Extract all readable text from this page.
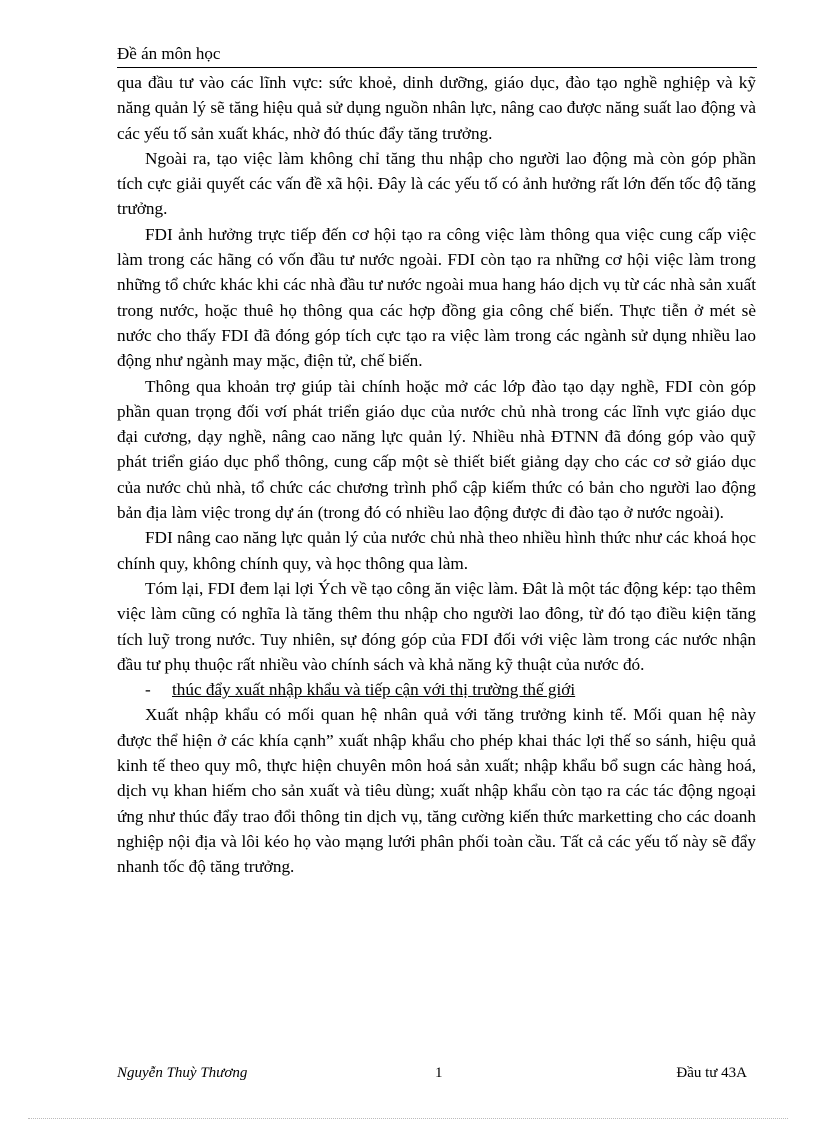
Đề án môn học

qua đầu tư vào các lĩnh vực: sức khoẻ, dinh dưỡng, giáo dục, đào tạo nghề nghiệp và kỹ năng quản lý sẽ tăng hiệu quả sử dụng nguồn nhân lực, nâng cao được năng suất lao động và các yếu tố sản xuất khác, nhờ đó thúc đẩy tăng trưởng.

Ngoài ra, tạo việc làm không chỉ tăng thu nhập cho người lao động mà còn góp phần tích cực giải quyết các vấn đề xã hội. Đây là các yếu tố có ảnh hưởng rất lớn đến tốc độ tăng trưởng.

FDI ảnh hưởng trực tiếp đến cơ hội tạo ra công việc làm thông qua việc cung cấp việc làm trong các hãng có vốn đầu tư nước ngoài. FDI còn tạo ra những cơ hội việc làm trong những tổ chức khác khi các nhà đầu tư nước ngoài mua hang háo dịch vụ từ các nhà sản xuất trong nước, hoặc thuê họ thông qua các hợp đồng gia công chế biến. Thực tiễn ở mét sè nước cho thấy FDI đã đóng góp tích cực tạo ra việc làm trong các ngành sử dụng nhiều lao động như ngành may mặc, điện tử, chế biến.

Thông qua khoản trợ giúp tài chính hoặc mở các lớp đào tạo dạy nghề, FDI còn góp phần quan trọng đối vơí phát triển giáo dục của nước chủ nhà trong các lĩnh vực giáo dục đại cương, dạy nghề, nâng cao năng lực quản lý. Nhiều nhà ĐTNN đã đóng góp vào quỹ phát triển giáo dục phổ thông, cung cấp một sè thiết biết giảng dạy cho các cơ sở giáo dục của nước chủ nhà, tổ chức các chương trình phổ cập kiếm thức có bản cho người lao động bản địa làm việc trong dự án (trong đó có nhiều lao động được đi đào tạo ở nước ngoài).

FDI nâng cao năng lực quản lý của nước chủ nhà theo nhiều hình thức như các khoá học chính quy, không chính quy, và học thông qua làm.

Tóm lại, FDI đem lại lợi Ých về tạo công ăn việc làm. Đât là một tác động kép: tạo thêm việc làm cũng có nghĩa là tăng thêm thu nhập cho người lao đông, từ đó tạo điều kiện tăng tích luỹ trong nước. Tuy nhiên, sự đóng góp của FDI đối với việc làm trong các nước nhận đầu tư phụ thuộc rất nhiều vào chính sách và khả năng kỹ thuật của nước đó.

- thúc đẩy xuất nhập khẩu và tiếp cận với thị trường thế giới

Xuất nhập khẩu có mối quan hệ nhân quả với tăng trưởng kinh tế. Mối quan hệ này được thể hiện ở các khía cạnh” xuất nhập khẩu cho phép khai thác lợi thế so sánh, hiệu quả kinh tế theo quy mô, thực hiện chuyên môn hoá sản xuất; nhập khẩu bổ sugn các hàng hoá, dịch vụ khan hiếm cho sản xuất và tiêu dùng; xuất nhập khẩu còn tạo ra các tác động ngoại ứng như thúc đẩy trao đổi thông tin dịch vụ, tăng cường kiến thức marketting cho các doanh nghiệp nội địa và lôi kéo họ vào mạng lưới phân phối toàn cầu. Tất cả các yếu tố này sẽ đẩy nhanh tốc độ tăng trưởng.

Nguyễn Thuỳ Thương	1	Đầu tư 43A
